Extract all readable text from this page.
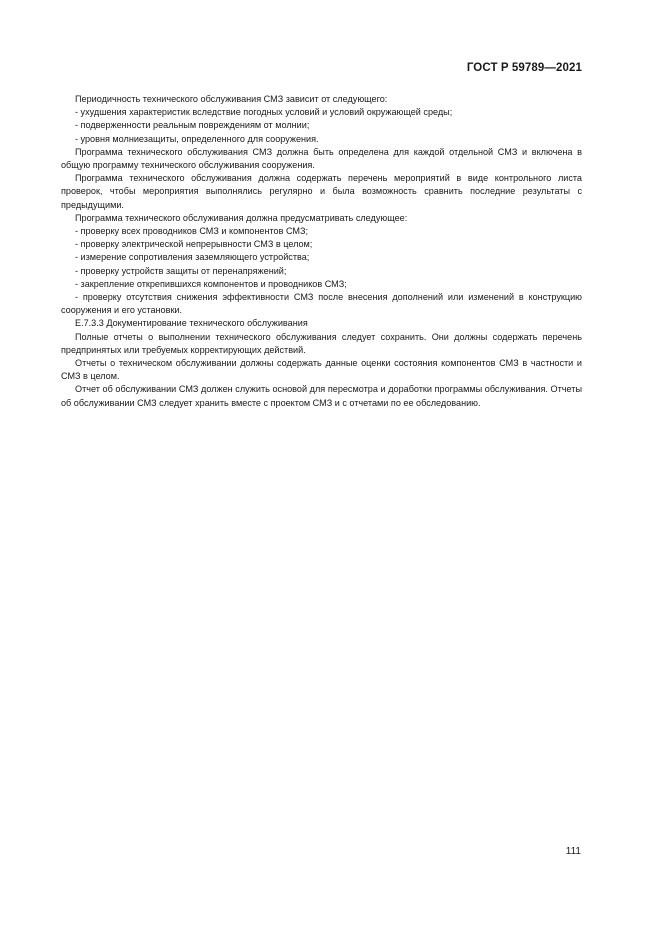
ГОСТ Р 59789—2021

Периодичность технического обслуживания СМЗ зависит от следующего:

- ухудшения характеристик вследствие погодных условий и условий окружающей среды;

- подверженности реальным повреждениям от молнии;

- уровня молниезащиты, определенного для сооружения.

Программа технического обслуживания СМЗ должна быть определена для каждой отдельной СМЗ и включена в общую программу технического обслуживания сооружения.

Программа технического обслуживания должна содержать перечень мероприятий в виде контрольного листа проверок, чтобы мероприятия выполнялись регулярно и была возможность сравнить последние результаты с предыдущими.

Программа технического обслуживания должна предусматривать следующее:

- проверку всех проводников СМЗ и компонентов СМЗ;

- проверку электрической непрерывности СМЗ в целом;

- измерение сопротивления заземляющего устройства;

- проверку устройств защиты от перенапряжений;

- закрепление открепившихся компонентов и проводников СМЗ;

- проверку отсутствия снижения эффективности СМЗ после внесения дополнений или изменений в конструкцию сооружения и его установки.

Е.7.3.3 Документирование технического обслуживания

Полные отчеты о выполнении технического обслуживания следует сохранить. Они должны содержать перечень предпринятых или требуемых корректирующих действий.

Отчеты о техническом обслуживании должны содержать данные оценки состояния компонентов СМЗ в частности и СМЗ в целом.

Отчет об обслуживании СМЗ должен служить основой для пересмотра и доработки программы обслуживания. Отчеты об обслуживании СМЗ следует хранить вместе с проектом СМЗ и с отчетами по ее обследованию.

111
